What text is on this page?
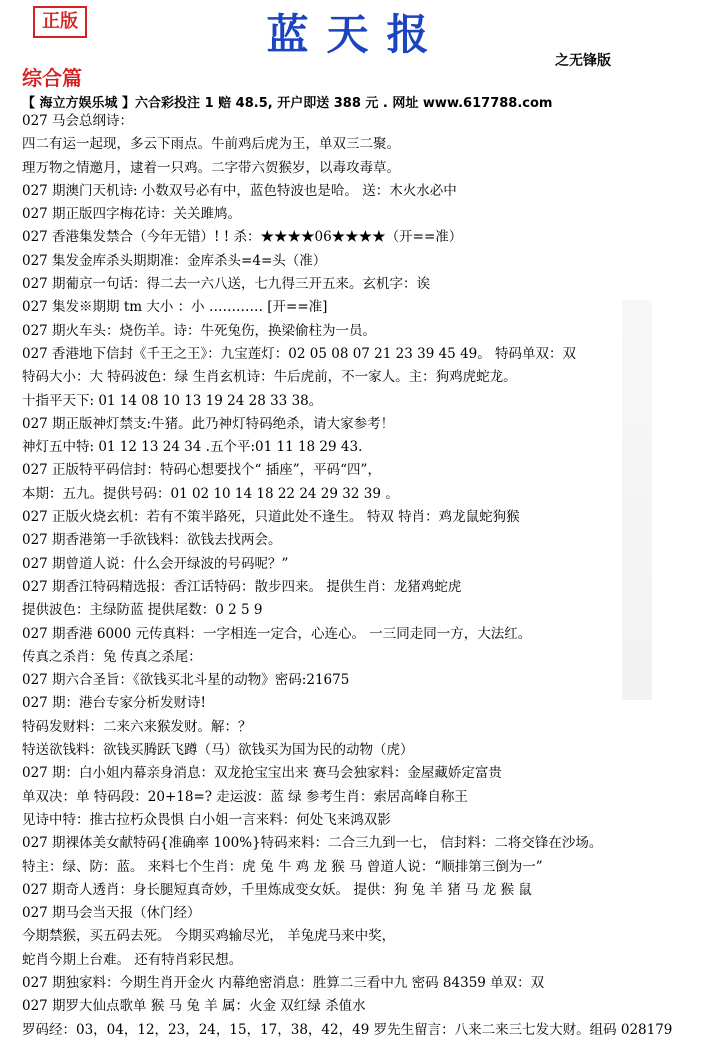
正版	蓝天报
之无锋版
综合篇
【 海立方娱乐城 】六合彩投注 1 赔 48.5, 开户即送 388 元 . 网址 www.617788.com
027 马会总纲诗：
四二有运一起现，多云下雨点。牛前鸡后虎为王，单双三二聚。
理万物之情邀月，逮着一只鸡。二字带六贺猴岁，以毒攻毒草。
027 期澳门天机诗: 小数双号必有中，蓝色特波也是哈。 送：木火水必中
027 期正版四字梅花诗：关关雎鸠。
027 香港集发禁合（今年无错）! ! 杀：★★★★06★★★★（开==准）
027 集发金库杀头期期准：金库杀头=4=头（准）
027 期葡京一句话：得二去一六八送，七九得三开五来。玄机字：诶
027 集发※期期 tm 大小 ：小 ………… [开==准]
027 期火车头：烧伤羊。诗：牛死兔伤，换梁偷柱为一员。
027 香港地下信封《千王之王》：九宝莲灯：02 05 08 07 21 23 39 45 49。 特码单双：双
特码大小：大 特码波色：绿 生肖玄机诗：牛后虎前，不一家人。主：狗鸡虎蛇龙。
十指平天下: 01 14 08 10 13 19 24 28 33 38。
027 期正版神灯禁支:牛猪。此乃神灯特码绝杀，请大家参考！
神灯五中特: 01 12 13 24 34 .五个平:01 11 18 29 43.
027 正版特平码信封：特码心想要找个“ 插座”，平码“四”，
本期：五九。提供号码：01 02 10 14 18 22 24 29 32 39 。
027 正版火烧玄机：若有不策半路死，只道此处不逢生。 特双 特肖：鸡龙鼠蛇狗猴
027 期香港第一手欲钱料：欲钱去找两会。
027 期曾道人说：什么会开绿波的号码呢？”
027 期香江特码精选报：香江话特码：散步四来。 提供生肖：龙猪鸡蛇虎
提供波色：主绿防蓝 提供尾数：0 2 5 9
027 期香港 6000 元传真料：一字相连一定合，心连心。 一三同走同一方，大法红。
传真之杀肖：兔 传真之杀尾：
027 期六合圣旨：《欲钱买北斗星的动物》密码:21675
027 期：港台专家分析发财诗!
特码发财料：二来六来猴发财。解：？
特送欲钱料：欲钱买腾跃飞蹲（马）欲钱买为国为民的动物（虎）
027 期：白小姐内幕亲身消息：双龙抢宝宝出来 赛马会独家料：金屋藏娇定富贵
单双决：单 特码段：20+18=? 走运波：蓝 绿 参考生肖：索居高峰自称王
见诗中特：推古拉朽众畏惧 白小姐一言来料：何处飞来鸿双影
027 期裸体美女献特码{准确率 100%}特码来料：二合三九到一七， 信封料：二将交锋在沙场。
特主：绿、防：蓝。 来料七个生肖：虎 兔 牛 鸡 龙 猴 马 曾道人说：“顺排第三倒为一”
027 期奇人透肖：身长腿短真奇妙，千里炼成变女妖。 提供：狗 兔 羊 猪 马 龙 猴 鼠
027 期马会当天报（休门经）
今期禁猴，买五码去死。 今期买鸡输尽光， 羊兔虎马来中奖，
蛇肖今期上台难。 还有特肖彩民想。
027 期独家料：今期生肖开金火 内幕绝密消息：胜算二三看中九 密码 84359 单双：双
027 期罗大仙点歌单 猴 马 兔 羊 属：火金 双红绿 杀值水
罗码经：03，04，12，23，24，15，17，38，42，49 罗先生留言：八来二来三七发大财。组码 028179
